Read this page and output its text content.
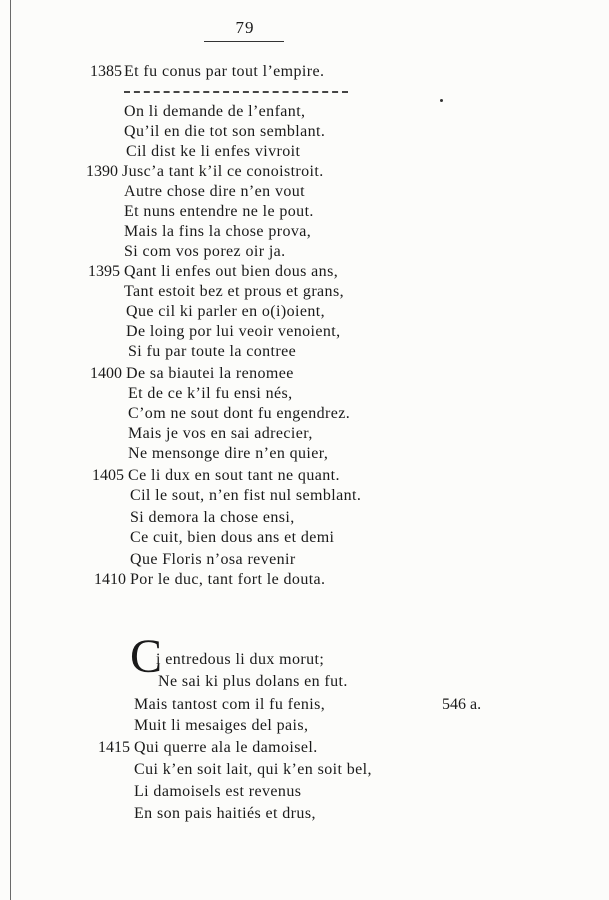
79
1385 Et fu conus par tout l’empire.
On li demande de l’enfant,
Qu’il en die tot son semblant.
Cil dist ke li enfes vivroit
1390 Jusc’a tant k’il ce conoistroit.
Autre chose dire n’en vout
Et nuns entendre ne le pout.
Mais la fins la chose prova,
Si com vos porez oir ja.
1395 Qant li enfes out bien dous ans,
Tant estoit bez et prous et grans,
Que cil ki parler en o(i)oient,
De loing por lui veoir venoient,
Si fu par toute la contree
1400 De sa biautei la renomee
Et de ce k’il fu ensi nés,
C’om ne sout dont fu engendrez.
Mais je vos en sai adrecier,
Ne mensonge dire n’en quier,
1405 Ce li dux en sout tant ne quant.
Cil le sout, n’en fist nul semblant.
Si demora la chose ensi,
Ce cuit, bien dous ans et demi
Que Floris n’osa revenir
1410 Por le duc, tant fort le douta.
C
i entredous li dux morut;
Ne sai ki plus dolans en fut.
Mais tantost com il fu fenis,	546 a.
Muit li mesaiges del pais,
1415 Qui querre ala le damoisel.
Cui k’en soit lait, qui k’en soit bel,
Li damoisels est revenus
En son pais haitiés et drus,
